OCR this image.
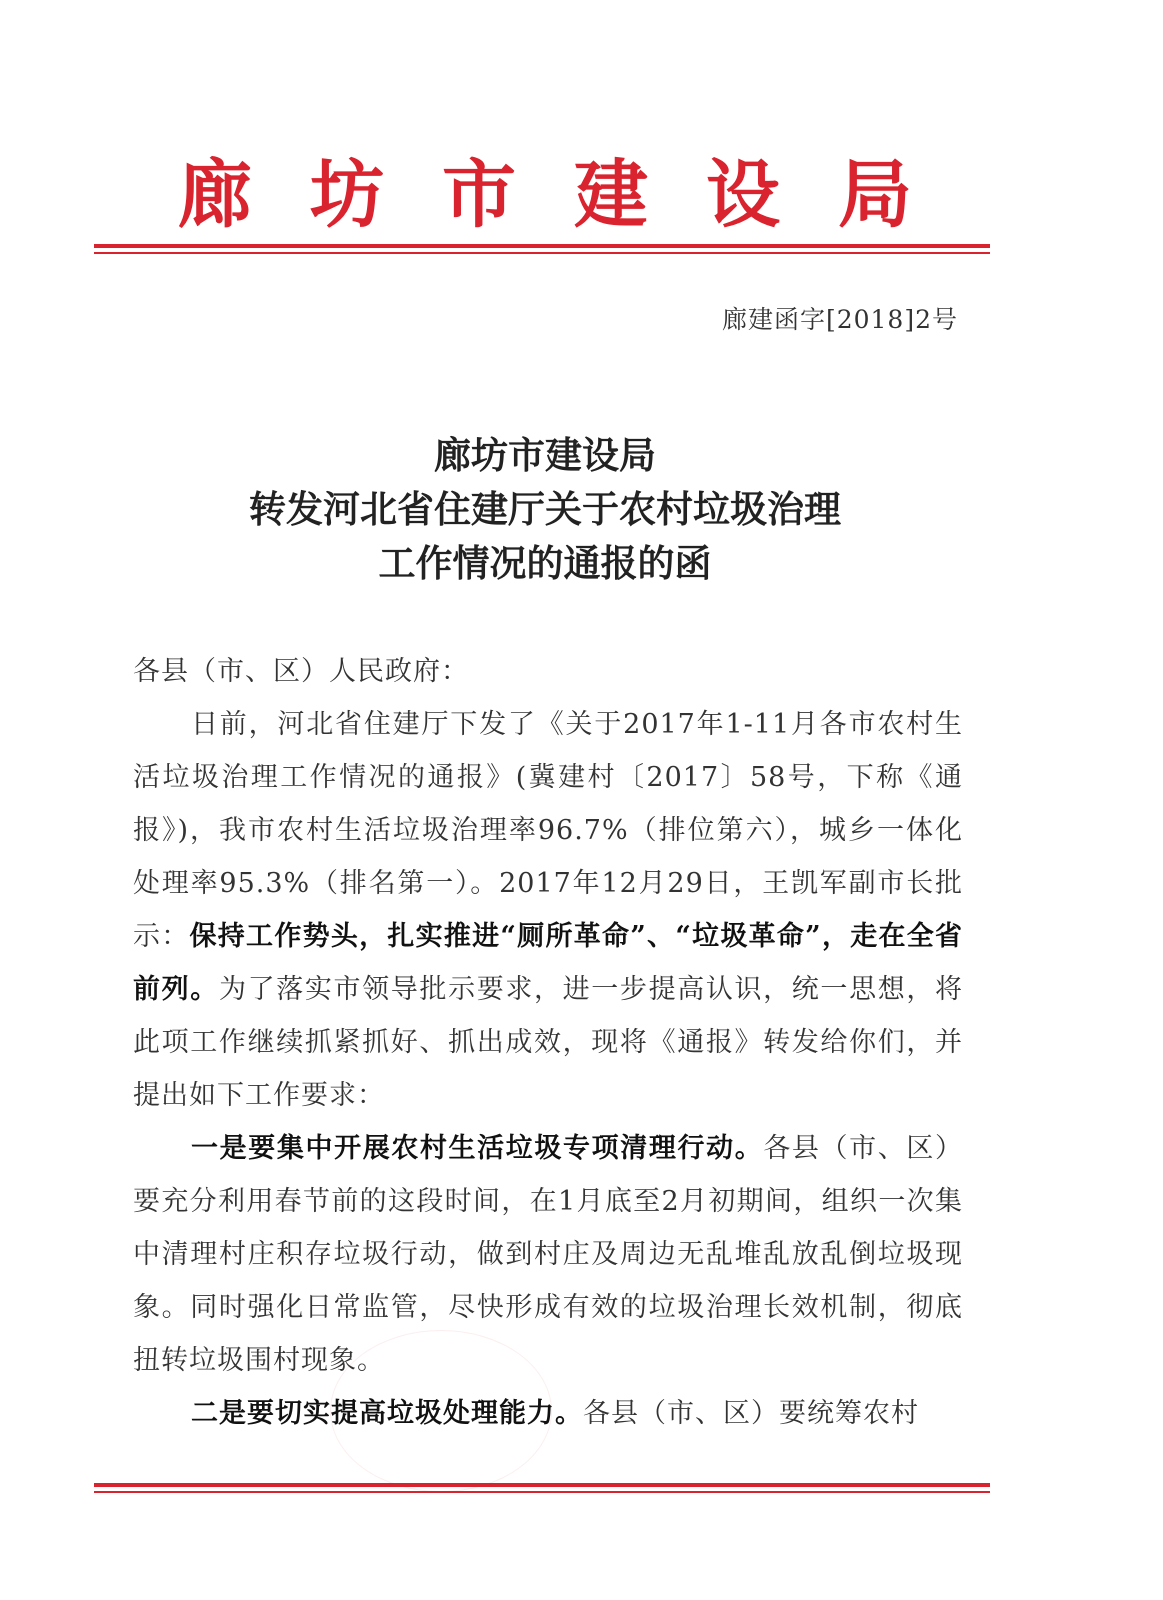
廊坊市建设局
廊建函字[2018]2号
廊坊市建设局
转发河北省住建厅关于农村垃圾治理
工作情况的通报的函

各县（市、区）人民政府：

日前，河北省住建厅下发了《关于2017年1-11月各市农村生活垃圾治理工作情况的通报》(冀建村〔2017〕58号，下称《通报》)，我市农村生活垃圾治理率96.7%（排位第六），城乡一体化处理率95.3%（排名第一）。2017年12月29日，王凯军副市长批示：保持工作势头，扎实推进“厕所革命”、“垃圾革命”，走在全省前列。为了落实市领导批示要求，进一步提高认识，统一思想，将此项工作继续抓紧抓好、抓出成效，现将《通报》转发给你们，并提出如下工作要求：

一是要集中开展农村生活垃圾专项清理行动。各县（市、区）要充分利用春节前的这段时间，在1月底至2月初期间，组织一次集中清理村庄积存垃圾行动，做到村庄及周边无乱堆乱放乱倒垃圾现象。同时强化日常监管，尽快形成有效的垃圾治理长效机制，彻底扭转垃圾围村现象。

二是要切实提高垃圾处理能力。各县（市、区）要统筹农村
